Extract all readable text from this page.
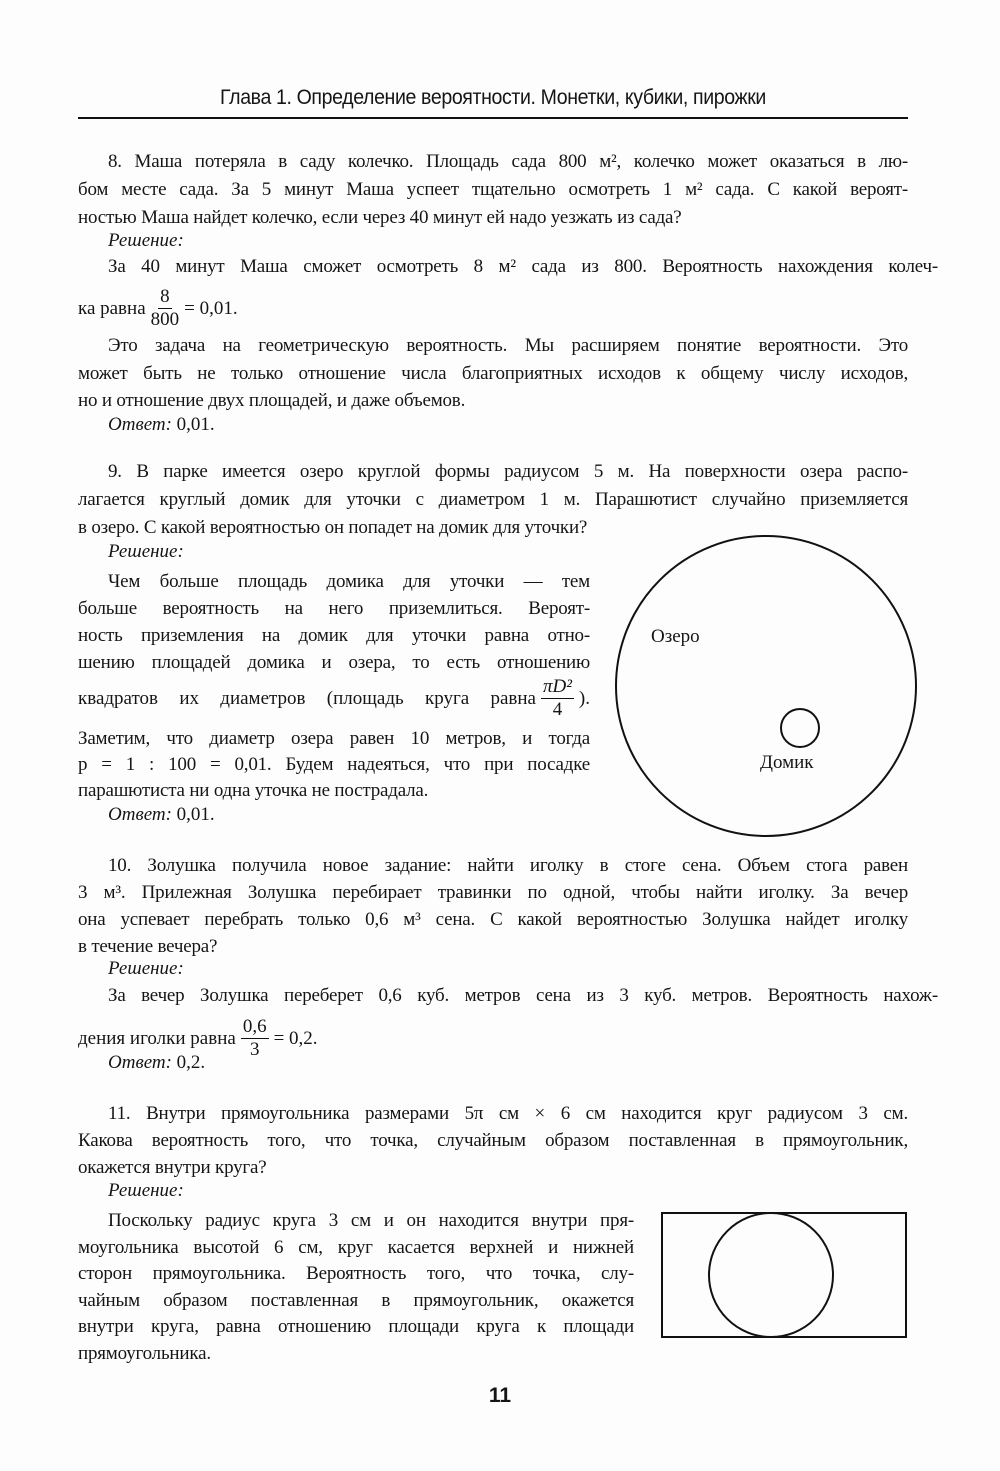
Глава 1. Определение вероятности. Монетки, кубики, пирожки
8. Маша потеряла в саду колечко. Площадь сада 800 м², колечко может оказаться в лю-
бом месте сада. За 5 минут Маша успеет тщательно осмотреть 1 м² сада. С какой вероят-
ностью Маша найдет колечко, если через 40 минут ей надо уезжать из сада?
Решение:
За 40 минут Маша сможет осмотреть 8 м² сада из 800. Вероятность нахождения колеч-
ка равна $\frac{8}{800} = 0,01$.
Это задача на геометрическую вероятность. Мы расширяем понятие вероятности. Это
может быть не только отношение числа благоприятных исходов к общему числу исходов,
но и отношение двух площадей, и даже объемов.
Ответ: 0,01.
9. В парке имеется озеро круглой формы радиусом 5 м. На поверхности озера распо-
лагается круглый домик для уточки с диаметром 1 м. Парашютист случайно приземляется
в озеро. С какой вероятностью он попадет на домик для уточки?
Решение:
Чем больше площадь домика для уточки — тем
больше вероятность на него приземлиться. Вероят-
ность приземления на домик для уточки равна отно-
шению площадей домика и озера, то есть отношению
квадратов их диаметров (площадь круга равна $\frac{\text{πD²}}{4}$ ).
Заметим, что диаметр озера равен 10 метров, и тогда
p = 1 : 100 = 0,01. Будем надеяться, что при посадке
парашютиста ни одна уточка не пострадала.
Ответ: 0,01.
Озеро
Домик
10. Золушка получила новое задание: найти иголку в стоге сена. Объем стога равен
3 м³. Прилежная Золушка перебирает травинки по одной, чтобы найти иголку. За вечер
она успевает перебрать только 0,6 м³ сена. С какой вероятностью Золушка найдет иголку
в течение вечера?
Решение:
За вечер Золушка переберет 0,6 куб. метров сена из 3 куб. метров. Вероятность нахож-
дения иголки равна $\frac{0,6}{3} = 0,2$.
Ответ: 0,2.
11. Внутри прямоугольника размерами 5π см × 6 см находится круг радиусом 3 см.
Какова вероятность того, что точка, случайным образом поставленная в прямоугольник,
окажется внутри круга?
Решение:
Поскольку радиус круга 3 см и он находится внутри пря-
моугольника высотой 6 см, круг касается верхней и нижней
сторон прямоугольника. Вероятность того, что точка, слу-
чайным образом поставленная в прямоугольник, окажется
внутри круга, равна отношению площади круга к площади
прямоугольника.
11
